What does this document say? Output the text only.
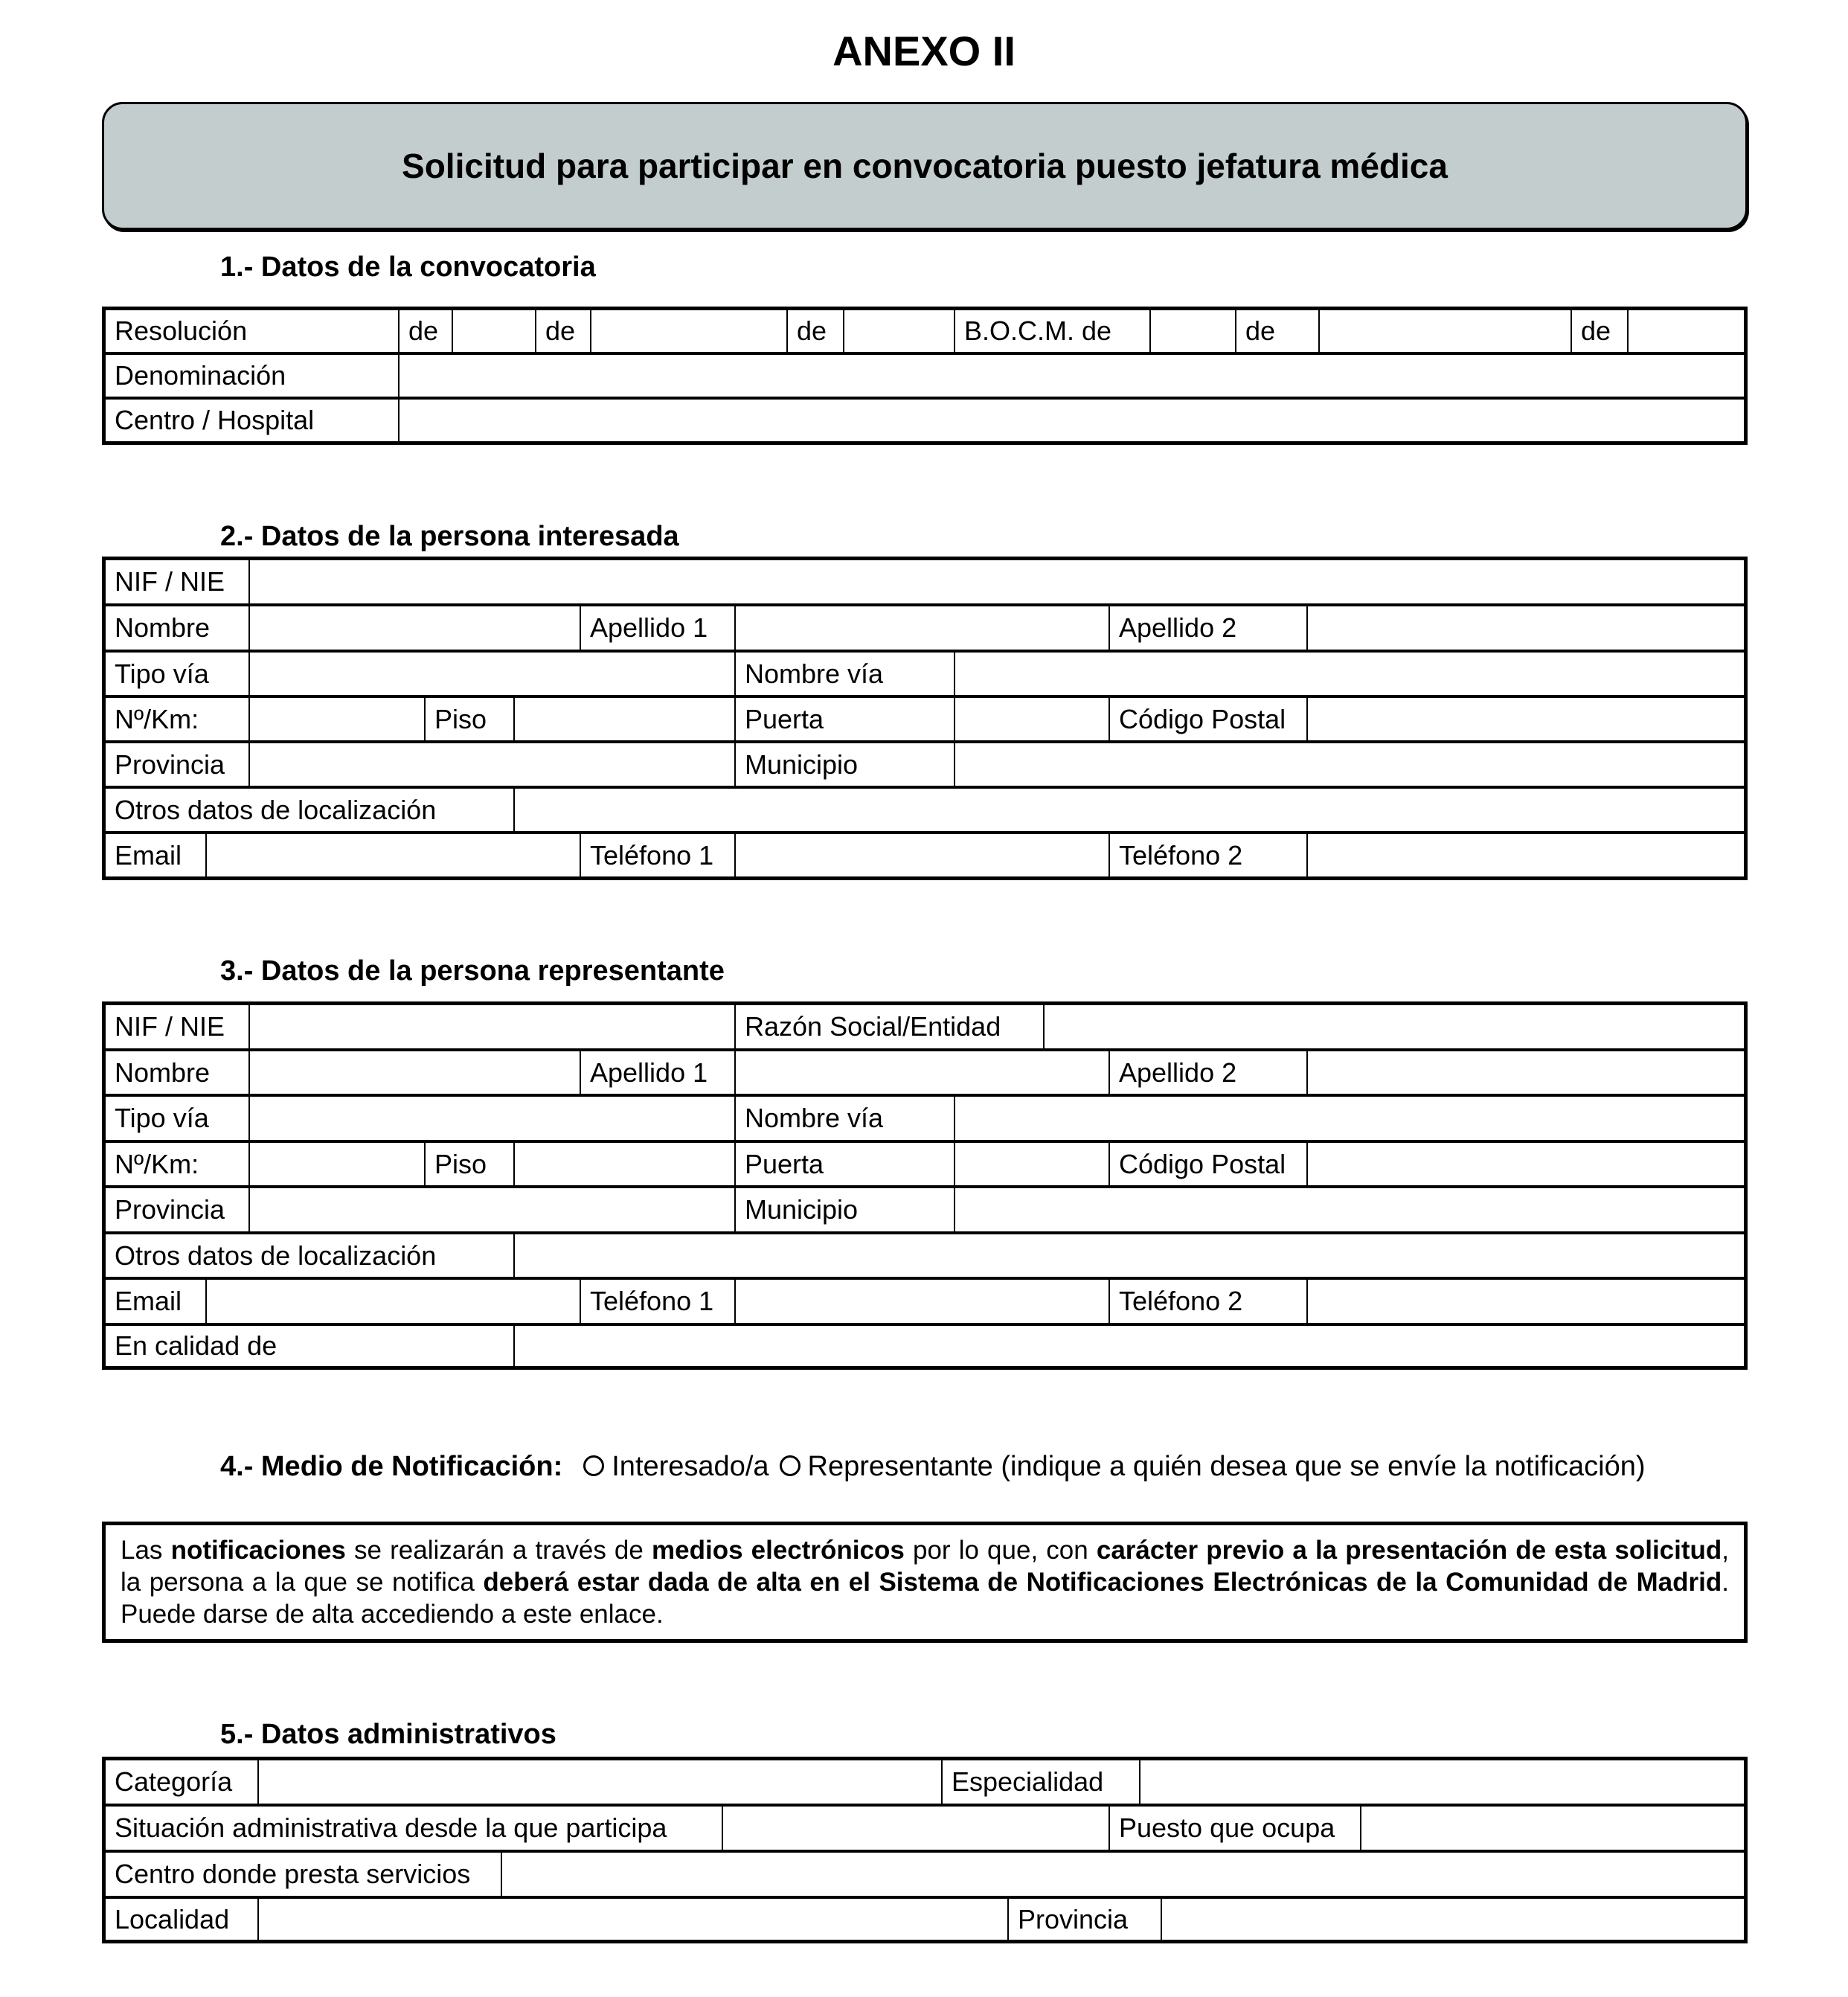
ANEXO II
Solicitud para participar en convocatoria puesto jefatura médica
1.- Datos de la convocatoria
Resolución	de	de	de	B.O.C.M. de	de	de
Denominación
Centro / Hospital
2.- Datos de la persona interesada
NIF / NIE
Nombre	Apellido 1	Apellido 2
Tipo vía	Nombre vía
Nº/Km:	Piso	Puerta	Código Postal
Provincia	Municipio
Otros datos de localización
Email	Teléfono 1	Teléfono 2
3.- Datos de la persona representante
NIF / NIE	Razón Social/Entidad
Nombre	Apellido 1	Apellido 2
Tipo vía	Nombre vía
Nº/Km:	Piso	Puerta	Código Postal
Provincia	Municipio
Otros datos de localización
Email	Teléfono 1	Teléfono 2
En calidad de
4.- Medio de Notificación: Interesado/a Representante (indique a quién desea que se envíe la notificación)
Las notificaciones se realizarán a través de medios electrónicos por lo que, con carácter previo a la presentación de esta solicitud, la persona a la que se notifica deberá estar dada de alta en el Sistema de Notificaciones Electrónicas de la Comunidad de Madrid. Puede darse de alta accediendo a este enlace.
5.- Datos administrativos
Categoría	Especialidad
Situación administrativa desde la que participa	Puesto que ocupa
Centro donde presta servicios
Localidad	Provincia
